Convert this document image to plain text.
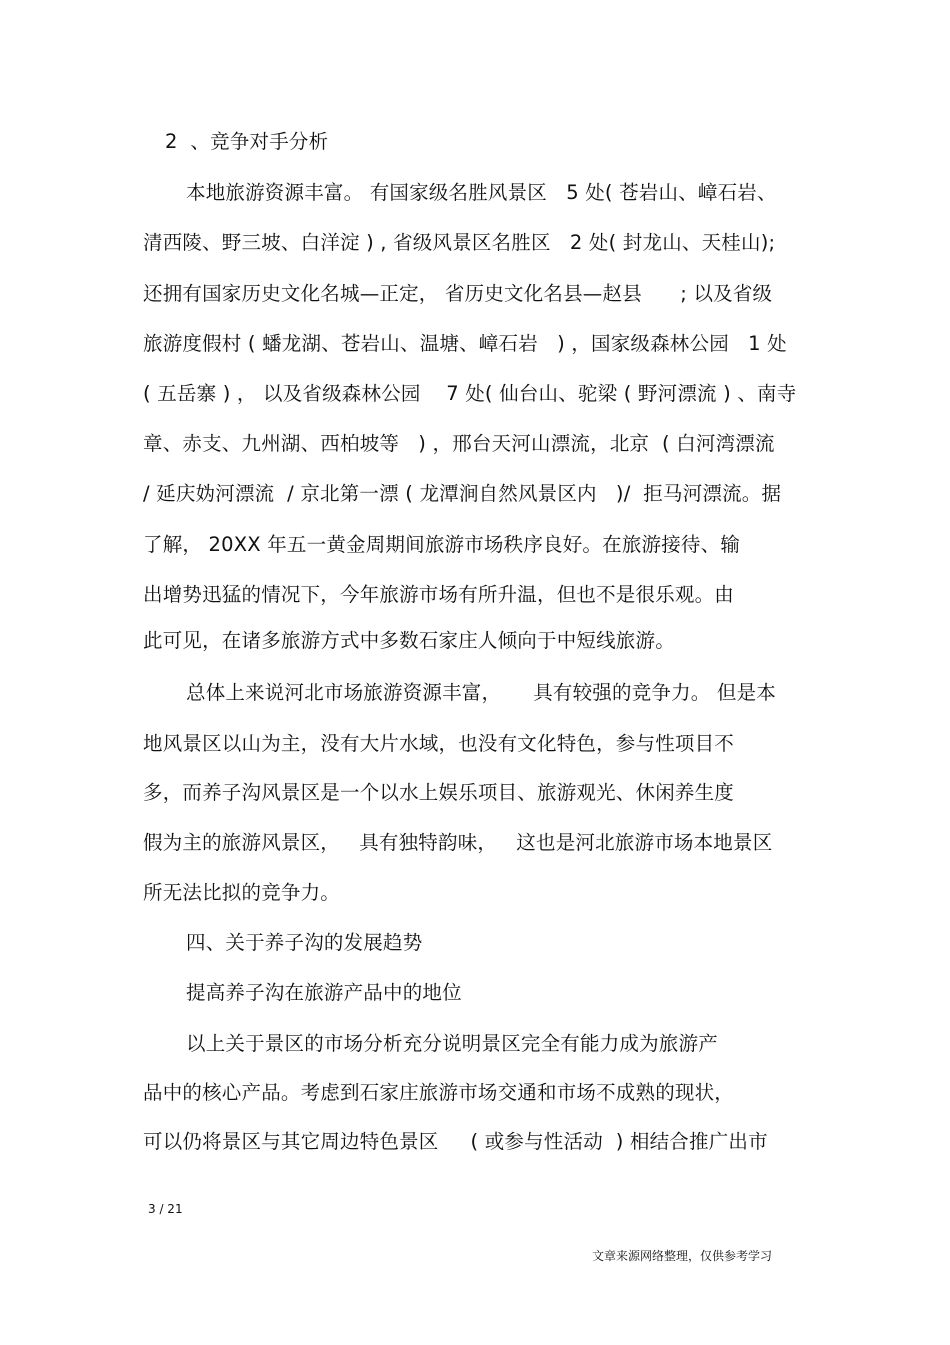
2  、竞争对手分析
本地旅游资源丰富。 有国家级名胜风景区   5 处( 苍岩山、嶂石岩、
清西陵、野三坡、白洋淀 ) , 省级风景区名胜区   2 处( 封龙山、天桂山);
还拥有国家历史文化名城—正定， 省历史文化名县—赵县      ; 以及省级
旅游度假村 ( 蟠龙湖、苍岩山、温塘、嶂石岩   ) ，国家级森林公园   1 处
( 五岳寨 ) ， 以及省级森林公园    7 处( 仙台山、驼梁 ( 野河漂流 ) 、南寺
章、赤支、九州湖、西柏坡等   ) ，邢台天河山漂流，北京  ( 白河湾漂流
/ 延庆妫河漂流  / 京北第一漂 ( 龙潭涧自然风景区内   )/  拒马河漂流。据
了解， 20XX 年五一黄金周期间旅游市场秩序良好。在旅游接待、输
出增势迅猛的情况下，今年旅游市场有所升温，但也不是很乐观。由
此可见，在诸多旅游方式中多数石家庄人倾向于中短线旅游。
总体上来说河北市场旅游资源丰富，     具有较强的竞争力。 但是本
地风景区以山为主，没有大片水域，也没有文化特色，参与性项目不
多，而养子沟风景区是一个以水上娱乐项目、旅游观光、休闲养生度
假为主的旅游风景区，   具有独特韵味，   这也是河北旅游市场本地景区
所无法比拟的竞争力。
四、关于养子沟的发展趋势
提高养子沟在旅游产品中的地位
以上关于景区的市场分析充分说明景区完全有能力成为旅游产
品中的核心产品。考虑到石家庄旅游市场交通和市场不成熟的现状，
可以仍将景区与其它周边特色景区     ( 或参与性活动  ) 相结合推广出市
3 / 21
文章来源网络整理，仅供参考学习
